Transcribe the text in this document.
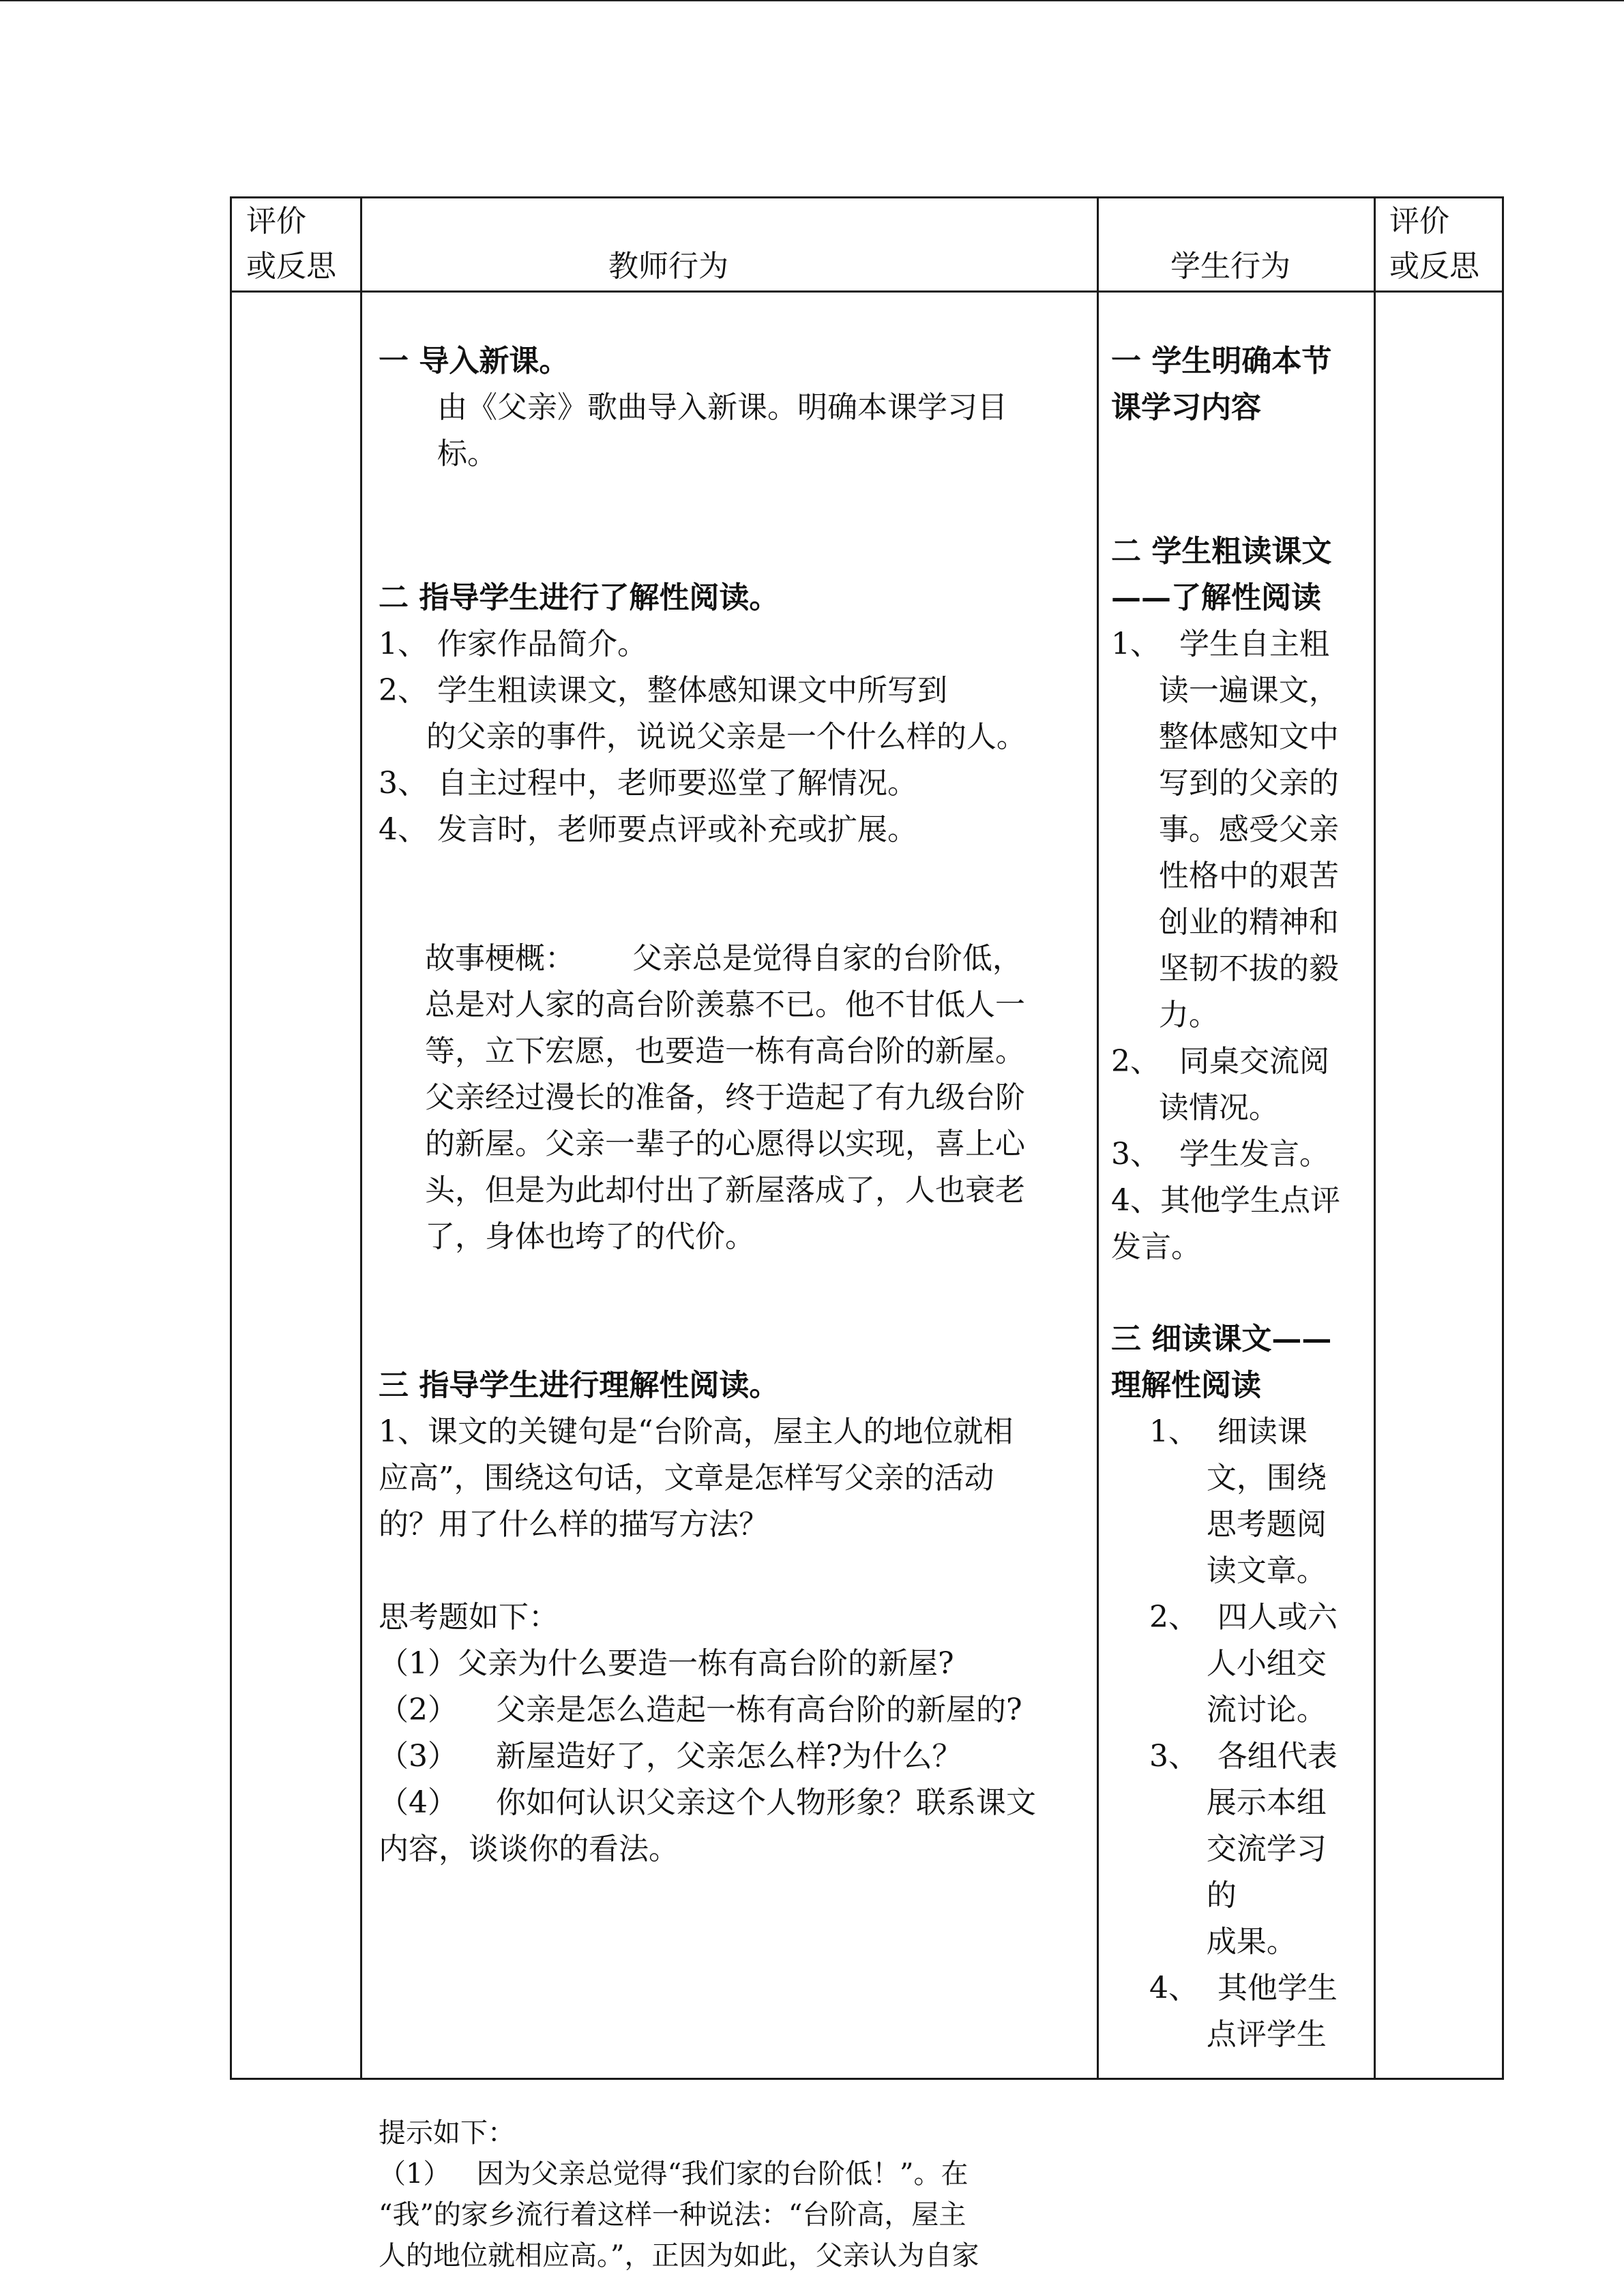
评价
或反思	教师行为	学生行为
评价
或反思

一 导入新课。

由《父亲》歌曲导入新课。明确本课学习目

标。

二 指导学生进行了解性阅读。

1、 作家作品简介。

2、 学生粗读课文，整体感知课文中所写到

的父亲的事件，说说父亲是一个什么样的人。

3、 自主过程中，老师要巡堂了解情况。

4、 发言时，老师要点评或补充或扩展。

故事梗概：      父亲总是觉得自家的台阶低，

总是对人家的高台阶羡慕不已。他不甘低人一

等，立下宏愿，也要造一栋有高台阶的新屋。

父亲经过漫长的准备，终于造起了有九级台阶

的新屋。父亲一辈子的心愿得以实现，喜上心

头，但是为此却付出了新屋落成了，人也衰老

了，身体也垮了的代价。

三 指导学生进行理解性阅读。

1、课文的关键句是“台阶高，屋主人的地位就相

应高”，围绕这句话，文章是怎样写父亲的活动

的？用了什么样的描写方法？

思考题如下：

（1）父亲为什么要造一栋有高台阶的新屋?

（2）    父亲是怎么造起一栋有高台阶的新屋的?

（3）    新屋造好了，父亲怎么样?为什么？

（4）    你如何认识父亲这个人物形象？联系课文

内容，谈谈你的看法。

提示如下：

（1）   因为父亲总觉得“我们家的台阶低！”。在

“我”的家乡流行着这样一种说法：“台阶高，屋主

人的地位就相应高。”，正因为如此，父亲认为自家

一 学生明确本节

课学习内容

二 学生粗读课文

——了解性阅读

1、  学生自主粗

读一遍课文，

整体感知文中

写到的父亲的

事。感受父亲

性格中的艰苦

创业的精神和

坚韧不拔的毅

力。

2、  同桌交流阅

读情况。

3、  学生发言。

4、其他学生点评

发言。

三 细读课文——

理解性阅读

1、  细读课

文，围绕

思考题阅

读文章。

2、  四人或六

人小组交

流讨论。

3、  各组代表

展示本组

交流学习

的

成果。

4、  其他学生

点评学生
